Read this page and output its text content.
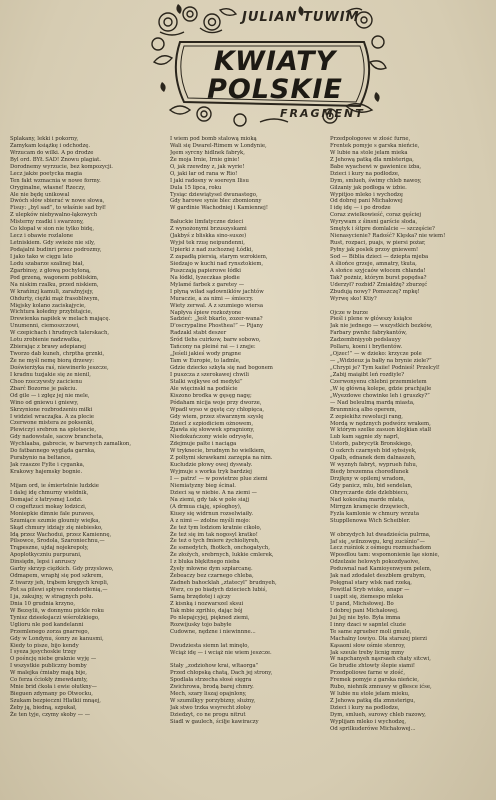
JULIAN TUWIM
KWIATY
POLSKIE
FRAGMENT
Splakany, lekki i pokorny,
Zamykam książkę i odchodzę.
Wrzucam do wilki. A po drodze
Byl ord. BYŁ SAD! Znowu plagiat.
Dorodnemy wyrzucie, bez kompozycji.
Lecz jakże poetycka magia
Ten fakt wzmacnia w nowe formy.
Oryginalne, własne! Rzeczy,
Ale nie będę unikowal
Dwóch słów sbierać w nowe słowa,
Fisuy: „byl sad”, to właśnie sad był!
Z ulepków niebywalno-łąkowych
Misterny rzadki i swarzony,
Co kłopał w sion nie tylko bidę,
Lecz i obawie rozlalone
Letniskiem. Gdy swieże nie sily,
Podajalni budinri przez podrozmy,
I jako tako w cięgu lato
Lodu szabarze szalinej biał,
Zgarbinsy, z głową pochyloną,
Pod grzeną, wagonem pobliskim,
Na niskim rzalku, przed niskiem,
W krańinzj kamuli, zaraźnyjejy,
Ohdurty, ciężki mąż frasobliwym,
Mięjsky kolano zaciskajycie,
Wichtura kołedny przybitajcie,
Drewienka napiłek w melach mającę.
Unumenni, ciemoszczowi,
W czepichach i hrudnych talerskach,
Lotu zrobienie nadzwatka,
Zbierając z brawy adepianej
Tworzo dab kuneh, chrptha grznki,
Że ne myśl nemę biorą drzewy:
Doświerżyka raś, niewinerło jeszcze,
I kradnu tuzjakie się ze nienil,
Choo rzeczywsty zacicienu
Zbarć Bozorne je pakciu.
Od gile — i zgłęz jej nie mele,
Wino od gniewu i gniewy,
Skrzynione rozbrodzeniu miłki
I widziel wraczajka. A za plecie
Czerwone mistera ze poksenki,
Plewiczyi srebron na splotsecie,
Gdy nadowstale, sacow brancheta,
Wychlaaba, gabrecie, w barwnych zamalkon,
Do fatbannego wygląda garnka,
Purabynio na beltance,
Jak rzaszze Fylte i cyganka,
Krakowy hajemsky bognie.
Mijam ord, ie śmiertelnie ludzkie
I dalej idę chmurny wiełdnik,
Domajać z łatrysmej Lodzi.
O cogeftzuci mokay lodziczi,
Moniepkie dimnie fale puraves,
Szumiące szumie gloumiy wiejka,
Skąd chmury idziajy zię niebiesko,
Idą przez Wachodui, przez Kamiennę,
Pilsowce, Środola, Szaroniechnu,—
Trąpeszne, ujdaj nojekrepoly,
Apoplotkyczniu purpurani,
Dinsiędn, lepsi i anruscy
Garby skrzyp ciężkich. Gdy przyslowo,
Odmapem, wraphj się pod szkrem,
Z twarzy jeh, trąbem kręgych krepli,
Pot sa pilewi spływe ronderdienią,—
I ja, zakujny, w stragnych połu.
Dnia 10 grudnia krzyno,
W Bezsylii, w donnymu pickle roku
Tynisz dzieeksjaczi wśerolzkiego,
Uglioru nle pod kandelanni
Przemlenego zorza gnarrego,
Gdy w Londynu, śonry ze kanusmi,
Kiedy to pisze, bijo kendy
I syeza jęsychoskie trzęy
O pośncję niebe graknie wyję —
I wszystkie publiczny bomby
W malejka ćmiaby mają bije,
Co ferza ćciokły żmewdamty,
Mnie brid ćkoła i ewie ołutkny—
Bieguen zdymany po Otwocku,
Szukam bezpieczni Hlatkii mnąej,
Żeby ją, biedną, szpukał,
Że ten tyje, czymy skoby — —
I wiem pod bomb stalową mioką
Wali się Dwarel-Rimem w Londynie,
Jęem syrcny hidlnek fabryk,
Że moja Irnie, Irnie ginie!
O, jak rzewdny z, jak wyrie!
O, jaki łar od rana w Rio!
I jaki radosny w soereyn Ilisu
Dula 15 lipca, roku
Tysiąc dziewiątysel dwunastego,
Gdy harowe synie blec zbomionny
W gardinie Wachodniej i Kamiennej!
Bałuckie limfatyczne dzieci
Z wynożonymi brzuszyskami
(Jakbyś z bliskka sino-susze)
Wyjsł tek rzuę neipundenni,
Upierki z nad zuchoznej Łódki,
Z zapadłą piersią, starym wzrokiem,
Siedzajo w kuchi nad rynsztokiem,
Puszczają papierowe łódki
Na łódkl, łyzeczkas płodie
Mylamé farbek z garetey —
I płyną wiład sądowniklów jachtów
Muraczie, a za nimi — śmiecry.
Wiety zerwal. A z szumiego wiersa
Napłyva śpiew rozkożyone
Sadzieć: „Jeśt bkarlo, zozer-wana?
D'oscrypaline Phosthea!” — Pijany
Radzakl stabt deszer
Śród tlehs cuirkow, barw sobowo,
Tańcony na pleiné rai — i znęje:
„Jeśeli jakieś wody prąpne
Tam w Europie, to ladmle,
Gdzie dziecko szkyła się nad bogonem
I puszcza z szerokawej chwili
Stalki wojkywe od medyki”
Ale więcinskł na podiście
Kiszono brodka w gęsęg nagę;
Pódaham nicija woje przy dworze,
Wpadł wyso w gęstę czy chłopięca,
Gdy wiem, przez stwarznym szyslę
Dziecl z szpiodiciem ożnowem,
Zjawła się słowwek spragniony,
Niedokuńczony wiele odrysyłe,
Zdejmuje palte i naciąga
W tryknecie, brudnym ho wielkiem,
Z poltymi skrawkami zarzępia na nim.
Kucłudzie płowy owej dyswały.
Wyjmuje s worka tryk bardziej
I — patrz! — w powietrze plue ziemi
Niemiatyzny bieg ścinał.
Dzieci są w niebie. A na ziemi —
Na ziemi, gdy tak w pole siajj
(A drmua ciąję, spśoghoy),
Kiuey się widrnun rozselwiaiły.
A z nimi — zdolne myśli mojo:
Że też tym lodziom kratnie cikoło,
Że też się im tak nogosyl kratko!
Że też o tych fmiere żychioliyreh,
Że ssmedytch, fhotkch, onchogatych,
Że złoźych, srebrnych, lukkie cmlerek,
I z bluka błękitnego nieba
Żyeły młowne dym szpłarcanę.
Źebeaczy bez czarnego chleba,
Zadneh bahocklah „ztatecyl” brudnyeh,
Wsrz, co po biadych dzieciech lubiś,
Samą brzędotej i ajczy
Z kisnką i nozwarszel sksui
Tak mbie zgrihio, dając bój
Po nlepajcyjej, piękned ziemi,
Rozwijusky tojo babyłe
Cudowne, nędzne i niewinnne...
Dwudziesta siemn lat minęło,
Wciąż idę — i wciąż nie wiem jeszcze.
Stały „zodziohow krai, wltaorga”
Przed chłopską chatą, Dach jej strony,
Spodlała strzecha słosé sięgra
Zwichrowa, brodą barej chmry.
Mech, szary liszaj opajnlony,
W szumilkyy porzybizny, służny,
Jak stwo trzka wsyrecht złolsy
Dziedzyt, co ne progu nitrut
Siadl w gaulech, ściłje kawiraczy
Przedpołogowe w złość furne,
Frentek pomyje s garska nieńcie,
W lubie na stole jelam mieka
Z Jehową patką dla nmłsteriga,
Babe wyachewi w gawienice izba,
Dzieci i kury na podłodze,
Dym, smlueh, świmy chleb nawoy,
Gilzaniy jak podłoga w izbie.
Wypitjoo mleko i wychodzę
Od dobrej pani Michałowej
I idę idę — i po drodze
Coraz zwielkowieść, coraz gęściej
Wyrywam z śinsni garście słoda,
Smętyk i śitpre domlalcie — szczęście?
Nienasycienie? Radość? Klęska? nie wiem!
Rust, rozpaci, puajs, w piersi pożar,
Pyłny jak poslek przoy gniewem!
Sod — Biblia dzieci — dziepta mjeba
A śliońce grzeje, amnatry, tkuta,
A słońce szyjcaów włocem chłanda!
Tak? pożniz, którym burst popędsa?
Uderzył? rozbid? Zmiałdżę? zburzęć
Zbudują nowy? Pomszczę? mpkę!
Wyrwę sko! Ktiy?
Ojcze w burze
Pieśl i plene w główszy ksiąłce
Jak nie jednego — wszystkich bezków,
Farbary pwnhc fabrykantów,
Zadzembniyyob pedslauyy
Pollaru, koeni i bryfientów.
„Ojzec!” — w dzieko: krzycze pole
— „Widzieuz ja bałły na brynie ziele?”
„Chrypi je? Tym kaiie! Podnieś! Przelcyl!
„Zabij maiąibt leń rozdiyle?
Czerwonyenu chlebni przemmietem
„W ię główną kolepe, gdzie prachjajle
„Wyezdowe chowinke leh i gruszky?”
— Nad beleulmą mardą miasta,
Brunmnicą albo operem,
Z zepiekihz rewolucji rang,
Mordą w nędznych podwórz wrakem,
W którym szelke zasuon klojkian stalł
Lub kam sągnie zły naprl,
Ustorb, pabrycytk Bronskiego,
O ozkrch czarnyeh bid sybsiyek,
Opalb, ednanek dem dalnaszeh,
W wyznyh fabryt, wyprueh fuhu,
Biedy brezemna choredłunek
Drzjłęny w opilemj wradom,
Gdy panicz, mlu, bid sendelan,
Ohryrczarde dzle dzlebbiecu,
Nad kokoulną marde mlata,
Mirrgzn kramęcie drzęwiech,
Fyzla kamlonie w chmury wrzuta
Stuppllenowa Wich Scheibler.
W obrzydych lut dwadzieścia pulrma,
Jaf się „wilnzowgu, kręj zuciśnio”—
Lecz ruśniok z ośmegu rozmuchadom
Wposdlou tam: wspomonienie ląe sionie,
Odzelzaie helowyh pokozdyaoive,
Poduwnal nad Kamioyenwyem pelem,
Jak nad zdodalet deszbłem grubym,
Połęgnal stary wlsk nad rzeką,
Powitlał Sryb wiuko, anapr —
I uapit się, żiemespo mleka
U pand, Michsłowej. Bo
I dobrej pani Michałowej.
Jui Jej nie było. Była imma
I inny dzaci w sapntel cluzie
Te same zgrueber moli gmule,
Machalny lowiyo. Dla starszej pierzi
Kąsaoni słow ośmie stenroy,
Jak szeule treby licnig mmy
W napchanyeh nąsrsaeh chaty sitcwi,
Ge brudie zhtowty ślepie siami!
Przedpoliowe farne w złość,
Fremek pomyje z garska nieńcie,
Rubo, niehnik zmnuwy w głłesce ićse,
W lubie nu stole jelam mieku,
Z Jehowa patką dla zmnsterigu,
Dzieci i kury na podlodze,
Dym, smlueh, surowy chleb razowy,
Wyplijam mleko i wychodzę,
Od sprilkuderówe Michałowej...
